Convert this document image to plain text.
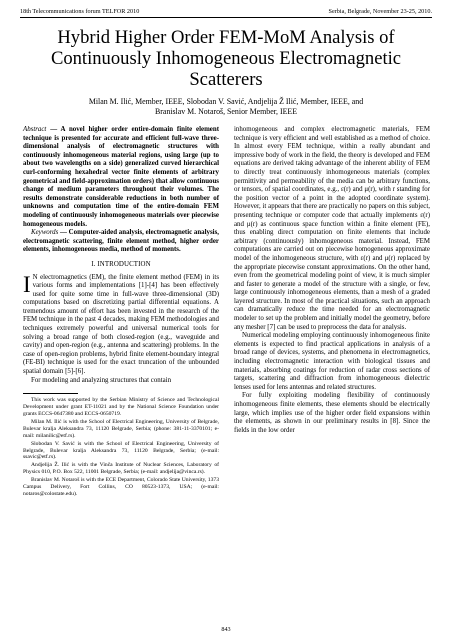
18th Telecommunications forum TELFOR 2010	Serbia, Belgrade, November 23-25, 2010.
Hybrid Higher Order FEM-MoM Analysis of
Continuously Inhomogeneous Electromagnetic
Scatterers
Milan M. Ilić, Member, IEEE, Slobodan V. Savić, Andjelija Ž Ilić, Member, IEEE, and
Branislav M. Notaroš, Senior Member, IEEE

Abstract — A novel higher order entire-domain finite element technique is presented for accurate and efficient full-wave three-dimensional analysis of electromagnetic structures with continuously inhomogeneous material regions, using large (up to about two wavelengths on a side) generalized curved hierarchical curl-conforming hexahedral vector finite elements of arbitrary geometrical and field-approximation orders) that allow continuous change of medium parameters throughout their volumes. The results demonstrate considerable reductions in both number of unknowns and computation time of the entire-domain FEM modeling of continuously inhomogeneous materials over piecewise homogeneous models.

Keywords — Computer-aided analysis, electromagnetic analysis, electromagnetic scattering, finite element method, higher order elements, inhomogeneous media, method of moments.

I. INTRODUCTION

I N electromagnetics (EM), the finite element method (FEM) in its various forms and implementations [1]-[4] has been effectively used for quite some time in full-wave three-dimensional (3D) computations based on discretizing partial differential equations. A tremendous amount of effort has been invested in the research of the FEM technique in the past 4 decades, making FEM methodologies and techniques extremely powerful and universal numerical tools for solving a broad range of both closed-region (e.g., waveguide and cavity) and open-region (e.g., antenna and scattering) problems. In the case of open-region problems, hybrid finite element-boundary integral (FE-BI) technique is used for the exact truncation of the unbounded spatial domain [5]-[6].

For modeling and analyzing structures that contain

This work was supported by the Serbian Ministry of Science and Technological Development under grant ET-11021 and by the National Science Foundation under grants ECCS-0647380 and ECCS-0650719.

Milan M. Ilić is with the School of Electrical Engineering, University of Belgrade, Bulevar kralja Aleksandra 73, 11120 Belgrade, Serbia; (phone: 381-11-3370101; e-mail: milanilic@etf.rs).

Slobodan V. Savić is with the School of Electrical Engineering, University of Belgrade, Bulevar kralja Aleksandra 73, 11120 Belgrade, Serbia; (e-mail: ssavic@etf.rs).

Andjelija Ž. Ilić is with the Vinča Institute of Nuclear Sciences, Laboratory of Physics 010, P.O. Box 522, 11001 Belgrade, Serbia; (e-mail: andjelija@vinca.rs).

Branislav M. Notaroš is with the ECE Department, Colorado State University, 1373 Campus Delivery, Fort Collins, CO 80523-1373, USA; (e-mail: notaros@colostate.edu).

inhomogeneous and complex electromagnetic materials, FEM technique is very efficient and well established as a method of choice. In almost every FEM technique, within a really abundant and impressive body of work in the field, the theory is developed and FEM equations are derived taking advantage of the inherent ability of FEM to directly treat continuously inhomogeneous materials (complex permittivity and permeability of the media can be arbitrary functions, or tensors, of spatial coordinates, e.g., ε(r) and μ(r), with r standing for the position vector of a point in the adopted coordinate system). However, it appears that there are practically no papers on this subject, presenting technique or computer code that actually implements ε(r) and μ(r) as continuous space function within a finite element (FE), thus enabling direct computation on finite elements that include arbitrary (continuously) inhomogeneous material. Instead, FEM computations are carried out on piecewise homogeneous approximate model of the inhomogeneous structure, with ε(r) and μ(r) replaced by the appropriate piecewise constant approximations. On the other hand, even from the geometrical modeling point of view, it is much simpler and faster to generate a model of the structure with a single, or few, large continuously inhomogeneous elements, than a mesh of a graded layered structure. In most of the practical situations, such an approach can dramatically reduce the time needed for an electromagnetic modeler to set up the problem and initially model the geometry, before any mesher [7] can be used to preprocess the data for analysis.

Numerical modeling employing continuously inhomogeneous finite elements is expected to find practical applications in analysis of a broad range of devices, systems, and phenomena in electromagnetics, including electromagnetic interaction with biological tissues and materials, absorbing coatings for reduction of radar cross sections of targets, scattering and diffraction from inhomogeneous dielectric lenses used for lens antennas and related structures.

For fully exploiting modeling flexibility of continuously inhomogeneous finite elements, these elements should be electrically large, which implies use of the higher order field expansions within the elements, as shown in our preliminary results in [8]. Since the fields in the low order

843
